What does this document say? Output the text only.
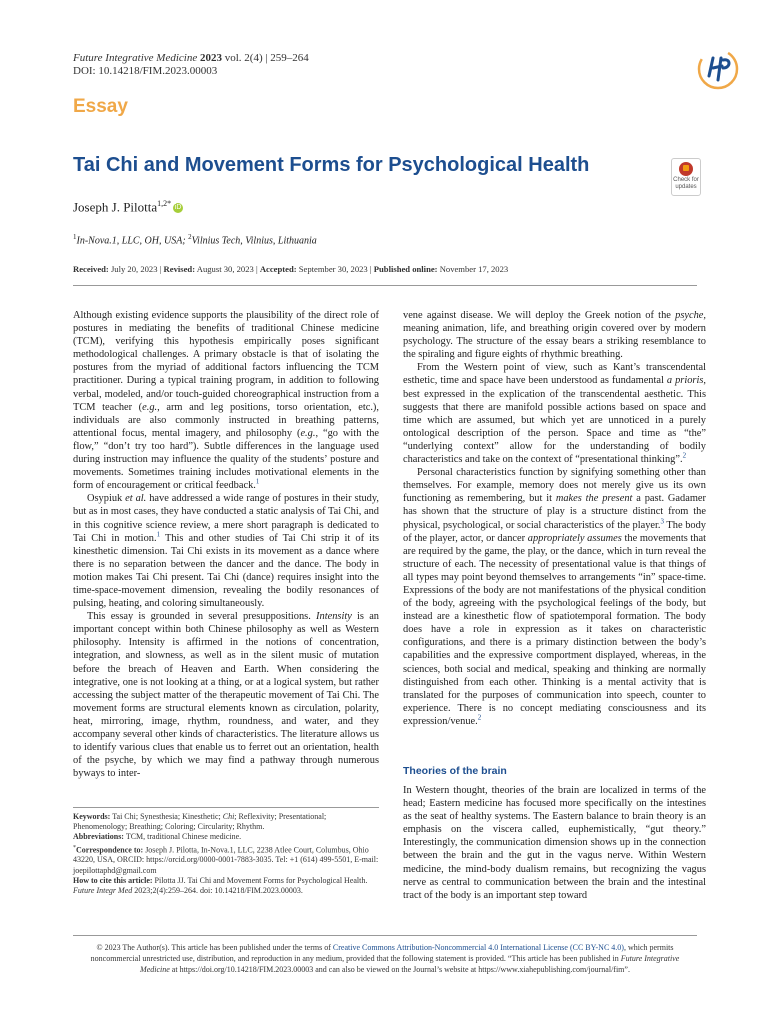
Future Integrative Medicine 2023 vol. 2(4) | 259–264
DOI: 10.14218/FIM.2023.00003
Essay
Tai Chi and Movement Forms for Psychological Health
Check for
updates
Joseph J. Pilotta$^{1,2*}$ iD
$^1$In-Nova.1, LLC, OH, USA; $^2$Vilnius Tech, Vilnius, Lithuania
Received: July 20, 2023 | Revised: August 30, 2023 | Accepted: September 30, 2023 | Published online: November 17, 2023

Although existing evidence supports the plausibility of the direct role of postures in mediating the benefits of traditional Chinese medicine (TCM), verifying this hypothesis empirically poses significant methodological challenges. A primary obstacle is that of isolating the postures from the myriad of additional factors influencing the TCM practitioner. During a typical training program, in addition to following verbal, modeled, and/or touch-guided choreographical instruction from a TCM teacher (e.g., arm and leg positions, torso orientation, etc.), individuals are also commonly instructed in breathing patterns, attentional focus, mental imagery, and philosophy (e.g., “go with the flow,” “don’t try too hard”). Subtle differences in the language used during instruction may influence the quality of the students’ posture and movements. Sometimes training includes motivational elements in the form of encouragement or critical feedback.$^1$

Osypiuk et al. have addressed a wide range of postures in their study, but as in most cases, they have conducted a static analysis of Tai Chi, and in this cognitive science review, a mere short paragraph is dedicated to Tai Chi in motion.$^1$ This and other studies of Tai Chi strip it of its kinesthetic dimension. Tai Chi exists in its movement as a dance where there is no separation between the dancer and the dance. The body in motion makes Tai Chi present. Tai Chi (dance) requires insight into the time-space-movement dimension, revealing the bodily resonances of pulsing, heating, and coloring simultaneously.

This essay is grounded in several presuppositions. Intensity is an important concept within both Chinese philosophy as well as Western philosophy. Intensity is affirmed in the notions of concentration, integration, and slowness, as well as in the silent music of mutation before the breach of Heaven and Earth. When considering the integrative, one is not looking at a thing, or at a logical system, but rather accessing the subject matter of the therapeutic movement of Tai Chi. The movement forms are structural elements known as circulation, polarity, heat, mirroring, image, rhythm, roundness, and water, and they accompany several other kinds of characteristics. The literature allows us to identify various clues that enable us to ferret out an orientation, health of the psyche, by which we may find a pathway through numerous byways to inter-

vene against disease. We will deploy the Greek notion of the psyche, meaning animation, life, and breathing origin covered over by modern psychology. The structure of the essay bears a striking resemblance to the spiraling and figure eights of rhythmic breathing.

From the Western point of view, such as Kant’s transcendental esthetic, time and space have been understood as fundamental a prioris, best expressed in the explication of the transcendental aesthetic. This suggests that there are manifold possible actions based on space and time which are assumed, but which yet are unnoticed in a purely ontological description of the person. Space and time as “the” “underlying context” allow for the understanding of bodily characteristics and take on the context of “presentational thinking”.$^2$

Personal characteristics function by signifying something other than themselves. For example, memory does not merely give us its own functioning as remembering, but it makes the present a past. Gadamer has shown that the structure of play is a structure distinct from the physical, psychological, or social characteristics of the player.$^3$ The body of the player, actor, or dancer appropriately assumes the movements that are required by the game, the play, or the dance, which in turn reveal the structure of each. The necessity of presentational value is that things of all types may point beyond themselves to arrangements “in” space-time. Expressions of the body are not manifestations of the physical condition of the body, agreeing with the psychological feelings of the body, but instead are a kinesthetic flow of spatiotemporal formation. The body does have a role in expression as it takes on characteristic configurations, and there is a primary distinction between the body’s capabilities and the expressive comportment displayed, whereas, in the sciences, both social and medical, speaking and thinking are normally distinguished from each other. Thinking is a mental activity that is translated for the purposes of communication into speech, counter to experience. There is no concept mediating consciousness and its expression/venue.$^2$

Theories of the brain

In Western thought, theories of the brain are localized in terms of the head; Eastern medicine has focused more specifically on the intestines as the seat of healthy systems. The Eastern balance to brain theory is an emphasis on the viscera called, euphemistically, “gut theory.” Interestingly, the communication dimension shows up in the connection between the brain and the gut in the vagus nerve. Within Western medicine, the mind-body dualism remains, but recognizing the vagus nerve as central to communication between the brain and the intestinal tract of the body is an important step toward

Keywords: Tai Chi; Synesthesia; Kinesthetic; Chi; Reflexivity; Presentational; Phenomenology; Breathing; Coloring; Circularity; Rhythm.

Abbreviations: TCM, traditional Chinese medicine.

*Correspondence to: Joseph J. Pilotta, In-Nova.1, LLC, 2238 Atlee Court, Columbus, Ohio 43220, USA, ORCID: https://orcid.org/0000-0001-7883-3035. Tel: +1 (614) 499-5501, E-mail: joepilottaphd@gmail.com

How to cite this article: Pilotta JJ. Tai Chi and Movement Forms for Psychological Health. Future Integr Med 2023;2(4):259–264. doi: 10.14218/FIM.2023.00003.

© 2023 The Author(s). This article has been published under the terms of Creative Commons Attribution-Noncommercial 4.0 International License (CC BY-NC 4.0), which permits noncommercial unrestricted use, distribution, and reproduction in any medium, provided that the following statement is provided. “This article has been published in Future Integrative Medicine at https://doi.org/10.14218/FIM.2023.00003 and can also be viewed on the Journal’s website at https://www.xiahepublishing.com/journal/fim”.
